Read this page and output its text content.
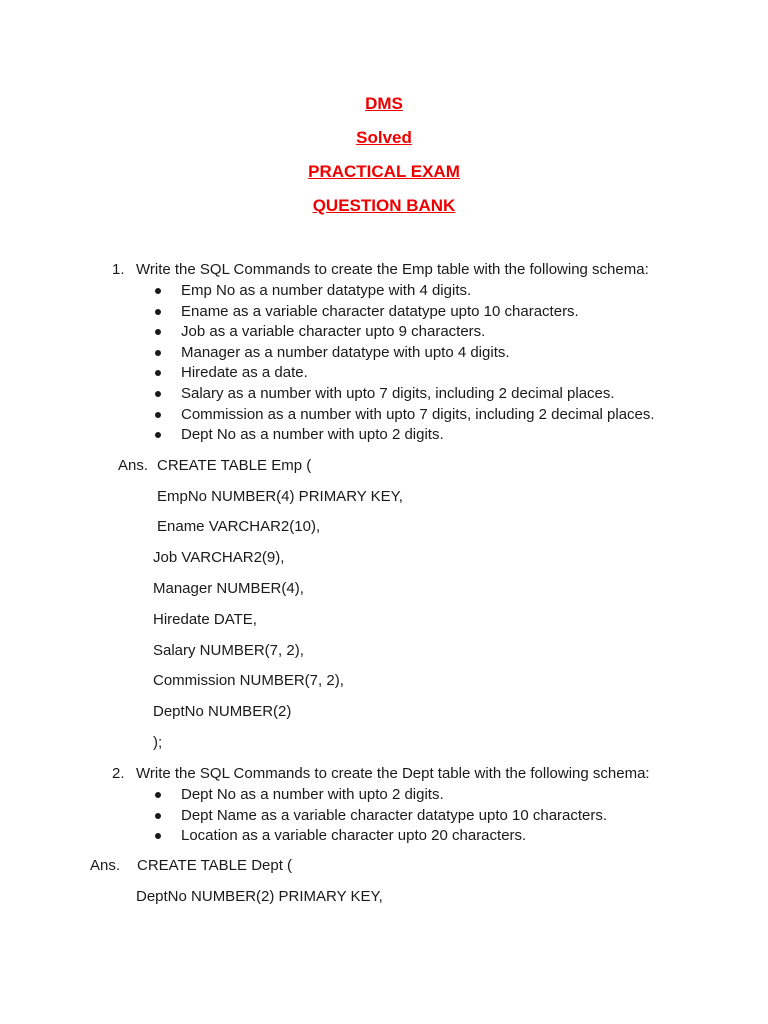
DMS

Solved

PRACTICAL EXAM

QUESTION BANK

1. Write the SQL Commands to create the Emp table with the following schema:

Emp No as a number datatype with 4 digits.
Ename as a variable character datatype upto 10 characters.
Job as a variable character upto 9 characters.
Manager as a number datatype with upto 4 digits.
Hiredate as a date.
Salary as a number with upto 7 digits, including 2 decimal places.
Commission as a number with upto 7 digits, including 2 decimal places.
Dept No as a number with upto 2 digits.

Ans. CREATE TABLE Emp (

EmpNo NUMBER(4) PRIMARY KEY,

Ename VARCHAR2(10),

Job VARCHAR2(9),

Manager NUMBER(4),

Hiredate DATE,

Salary NUMBER(7, 2),

Commission NUMBER(7, 2),

DeptNo NUMBER(2)

);

2. Write the SQL Commands to create the Dept table with the following schema:

Dept No as a number with upto 2 digits.
Dept Name as a variable character datatype upto 10 characters.
Location as a variable character upto 20 characters.

Ans. CREATE TABLE Dept (

DeptNo NUMBER(2) PRIMARY KEY,
